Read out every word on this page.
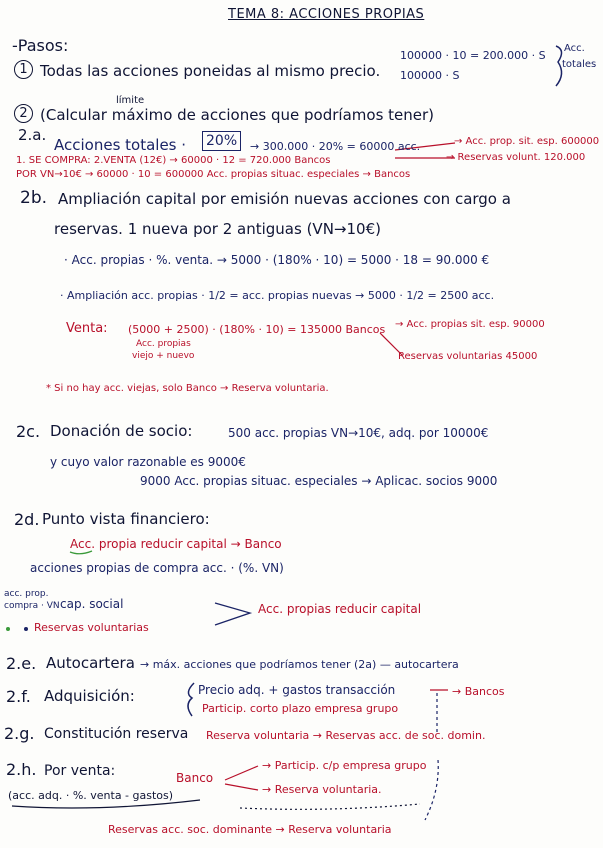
TEMA 8: ACCIONES PROPIAS
-Pasos:
1 Todas las acciones poneidas al mismo precio.
100000 · 10 = 200.000 · S
100000 · S
Acc.
totales
límite
2 (Calcular máximo de acciones que podríamos tener)
2.a.
Acciones totales · 20%	→ 300.000 · 20% = 60000 acc.	→ Acc. prop. sit. esp. 600000
1. SE COMPRA: 2.VENTA (12€) → 60000 · 12 = 720.000 Bancos	→ Reservas volunt. 120.000
POR VN→10€ → 60000 · 10 = 600000 Acc. propias situac. especiales → Bancos
2b. Ampliación capital por emisión nuevas acciones con cargo a
reservas. 1 nueva por 2 antiguas (VN→10€)
· Acc. propias · %. venta. → 5000 · (180% · 10) = 5000 · 18 = 90.000 €
· Ampliación acc. propias · 1/2 = acc. propias nuevas → 5000 · 1/2 = 2500 acc.
Venta: (5000 + 2500) · (180% · 10) = 135000 Bancos → Acc. propias sit. esp. 90000
Acc. propias
viejo + nuevo	Reservas voluntarias 45000
* Si no hay acc. viejas, solo Banco → Reserva voluntaria.
2c. Donación de socio:	500 acc. propias VN→10€, adq. por 10000€
y cuyo valor razonable es 9000€
9000 Acc. propias situac. especiales → Aplicac. socios 9000
2d. Punto vista financiero:
Acc. propia reducir capital → Banco
acciones propias de compra acc. · (%. VN)
acc. prop.
compra · VN cap. social
Reservas voluntarias
Acc. propias reducir capital
2.e. Autocartera → máx. acciones que podríamos tener (2a) — autocartera
2.f. Adquisición:	Precio adq. + gastos transacción
Particip. corto plazo empresa grupo
→ Bancos
2.g. Constitución reserva Reserva voluntaria → Reservas acc. de soc. domin.
2.h. Por venta:	Banco
(acc. adq. · %. venta - gastos)
→ Particip. c/p empresa grupo
→ Reserva voluntaria.
Reservas acc. soc. dominante → Reserva voluntaria
